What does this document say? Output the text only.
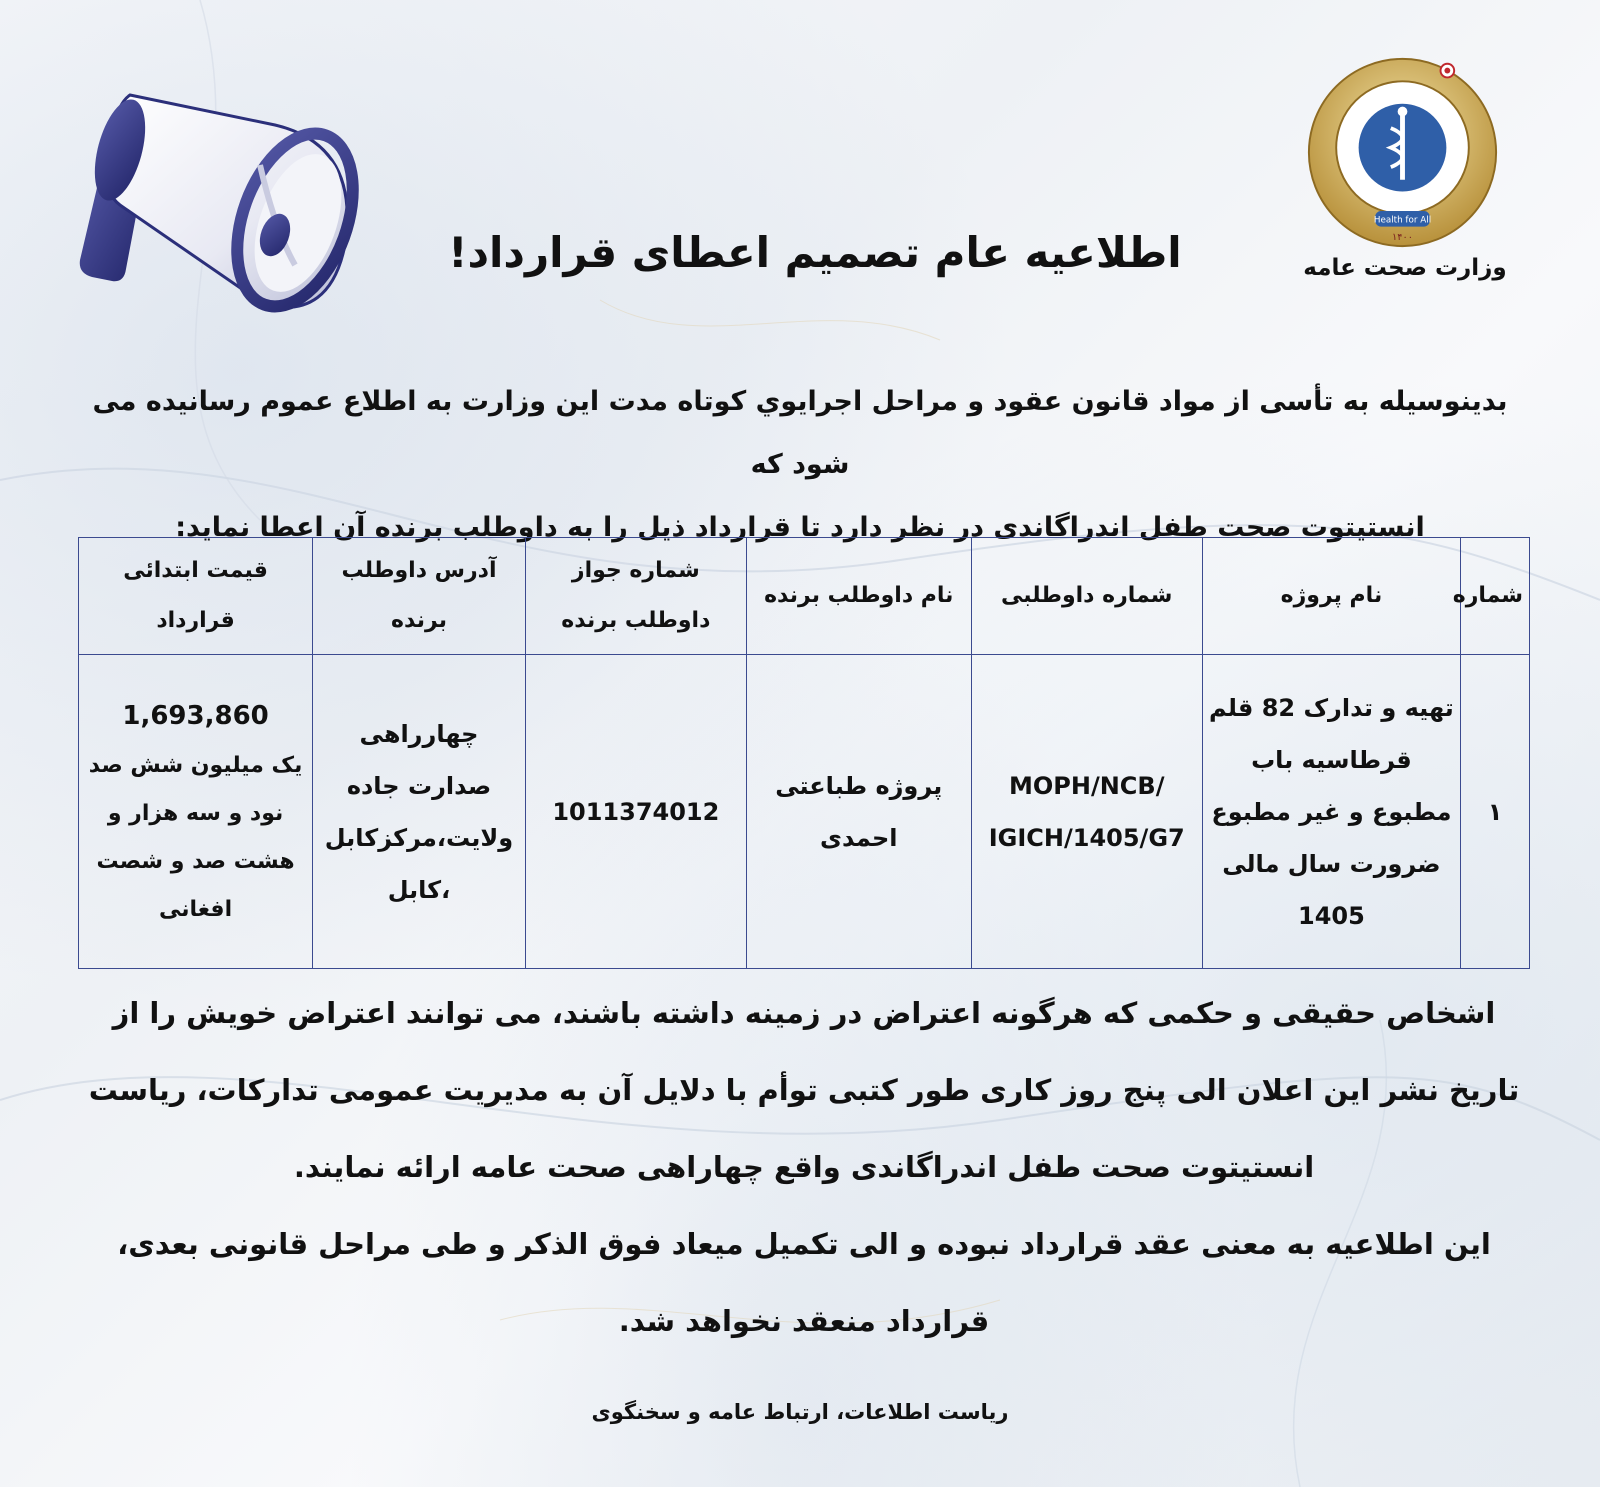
Health for All
۱۴۰۰
وزارت صحت عامه
اطلاعیه عام تصمیم اعطای قرارداد!
بدینوسیله به تأسی از مواد قانون عقود و مراحل اجرایوي کوتاه مدت این وزارت به اطلاع عموم رسانیده می شود که
انستیتوت صحت طفل اندراگاندی در نظر دارد تا قرارداد ذیل را به داوطلب برنده آن اعطا نماید:
شماره	نام پروژه	شماره داوطلبی	نام داوطلب برنده	شماره جواز داوطلب برنده	آدرس داوطلب برنده	قیمت ابتدائی قرارداد
۱	تهیه و تدارک 82 قلم قرطاسیه باب مطبوع و غیر مطبوع ضرورت سال مالی 1405	MOPH/NCB/ IGICH/1405/G7	پروژه طباعتی احمدی	1011374012	چهارراهی صدارت جاده ولایت،مرکزکابل ،کابل	1,693,860
یک میلیون شش صد نود و سه هزار و هشت صد و شصت افغانی
اشخاص حقیقی و حکمی که هرگونه اعتراض در زمینه داشته باشند، می توانند اعتراض خویش را از تاریخ نشر این اعلان الی پنج روز کاری طور کتبی توأم با دلایل آن به مدیریت عمومی تدارکات، ریاست انستیتوت صحت طفل اندراگاندی واقع چهاراهی صحت عامه ارائه نمایند.
این اطلاعیه به معنی عقد قرارداد نبوده و الی تکمیل میعاد فوق الذکر و طی مراحل قانونی بعدی، قرارداد منعقد نخواهد شد.
ریاست اطلاعات، ارتباط عامه و سخنگوی
